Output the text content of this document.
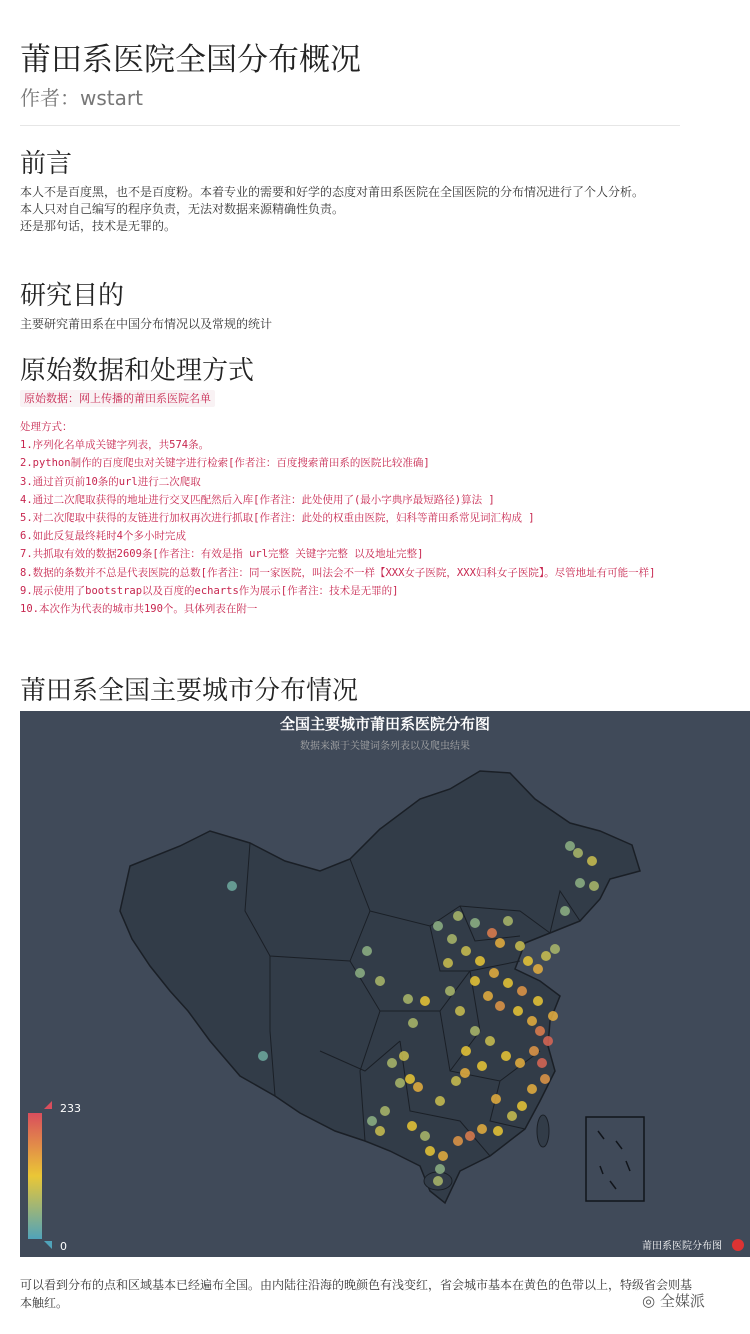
莆田系医院全国分布概况
作者：wstart
前言
本人不是百度黑，也不是百度粉。本着专业的需要和好学的态度对莆田系医院在全国医院的分布情况进行了个人分析。
本人只对自己编写的程序负责，无法对数据来源精确性负责。
还是那句话，技术是无罪的。
研究目的
主要研究莆田系在中国分布情况以及常规的统计
原始数据和处理方式
原始数据：网上传播的莆田系医院名单
处理方式：
1.序列化名单成关键字列表，共574条。
2.python制作的百度爬虫对关键字进行检索[作者注：百度搜索莆田系的医院比较准确]
3.通过首页前10条的url进行二次爬取
4.通过二次爬取获得的地址进行交叉匹配然后入库[作者注：此处使用了(最小字典序最短路径)算法 ]
5.对二次爬取中获得的友链进行加权再次进行抓取[作者注：此处的权重由医院，妇科等莆田系常见词汇构成 ]
6.如此反复最终耗时4个多小时完成
7.共抓取有效的数据2609条[作者注：有效是指 url完整 关键字完整 以及地址完整]
8.数据的条数并不总是代表医院的总数[作者注：同一家医院，叫法会不一样【XXX女子医院，XXX妇科女子医院】。尽管地址有可能一样]
9.展示使用了bootstrap以及百度的echarts作为展示[作者注：技术是无罪的]
10.本次作为代表的城市共190个。具体列表在附一
莆田系全国主要城市分布情况
全国主要城市莆田系医院分布图
数据来源于关键词条列表以及爬虫结果
233
0	莆田系医院分布图
可以看到分布的点和区域基本已经遍布全国。由内陆往沿海的晚颜色有浅变红，省会城市基本在黄色的色带以上，特级省会则基本触红。	◎ 全媒派
